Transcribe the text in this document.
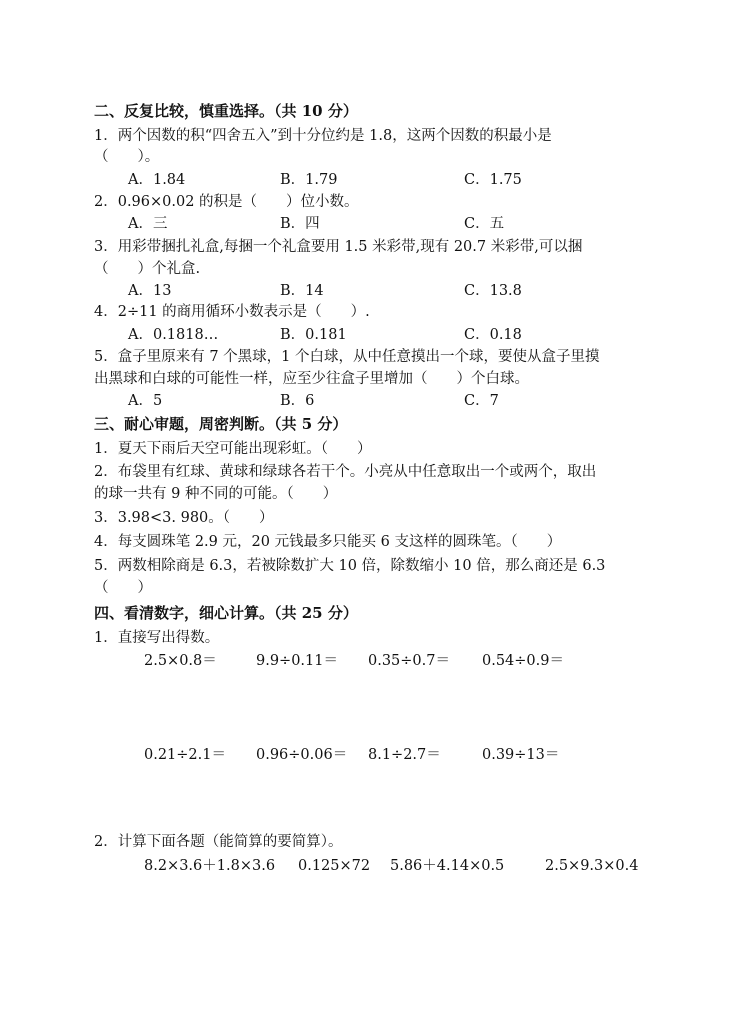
二、反复比较，慎重选择。（共 10 分）
1．两个因数的积“四舍五入”到十分位约是 1.8，这两个因数的积最小是
（　　）。
A．1.84	B．1.79	C．1.75
2．0.96×0.02 的积是（　　）位小数。
A．三	B．四	C．五
3．用彩带捆扎礼盒,每捆一个礼盒要用 1.5 米彩带,现有 20.7 米彩带,可以捆
（　　）个礼盒.
A．13	B．14	C．13.8
4．2÷11 的商用循环小数表示是（　　）.
A．0.1818…	B．0.181	C．0.18
5．盒子里原来有 7 个黑球，1 个白球，从中任意摸出一个球，要使从盒子里摸
出黑球和白球的可能性一样，应至少往盒子里增加（　　）个白球。
A．5	B．6	C．7
三、耐心审题，周密判断。（共 5 分）
1．夏天下雨后天空可能出现彩虹。（　　）
2．布袋里有红球、黄球和绿球各若干个。小亮从中任意取出一个或两个，取出
的球一共有 9 种不同的可能。（　　）
3．3.98<3. 980。（　　）
4．每支圆珠笔 2.9 元，20 元钱最多只能买 6 支这样的圆珠笔。（　　）
5．两数相除商是 6.3，若被除数扩大 10 倍，除数缩小 10 倍，那么商还是 6.3
（　　）
四、看清数字，细心计算。（共 25 分）
1．直接写出得数。
2.5×0.8＝	9.9÷0.11＝ 0.35÷0.7＝ 0.54÷0.9＝
0.21÷2.1＝ 0.96÷0.06＝ 8.1÷2.7＝	0.39÷13＝
2．计算下面各题（能简算的要简算）。
8.2×3.6＋1.8×3.6 0.125×72 5.86＋4.14×0.5	2.5×9.3×0.4
